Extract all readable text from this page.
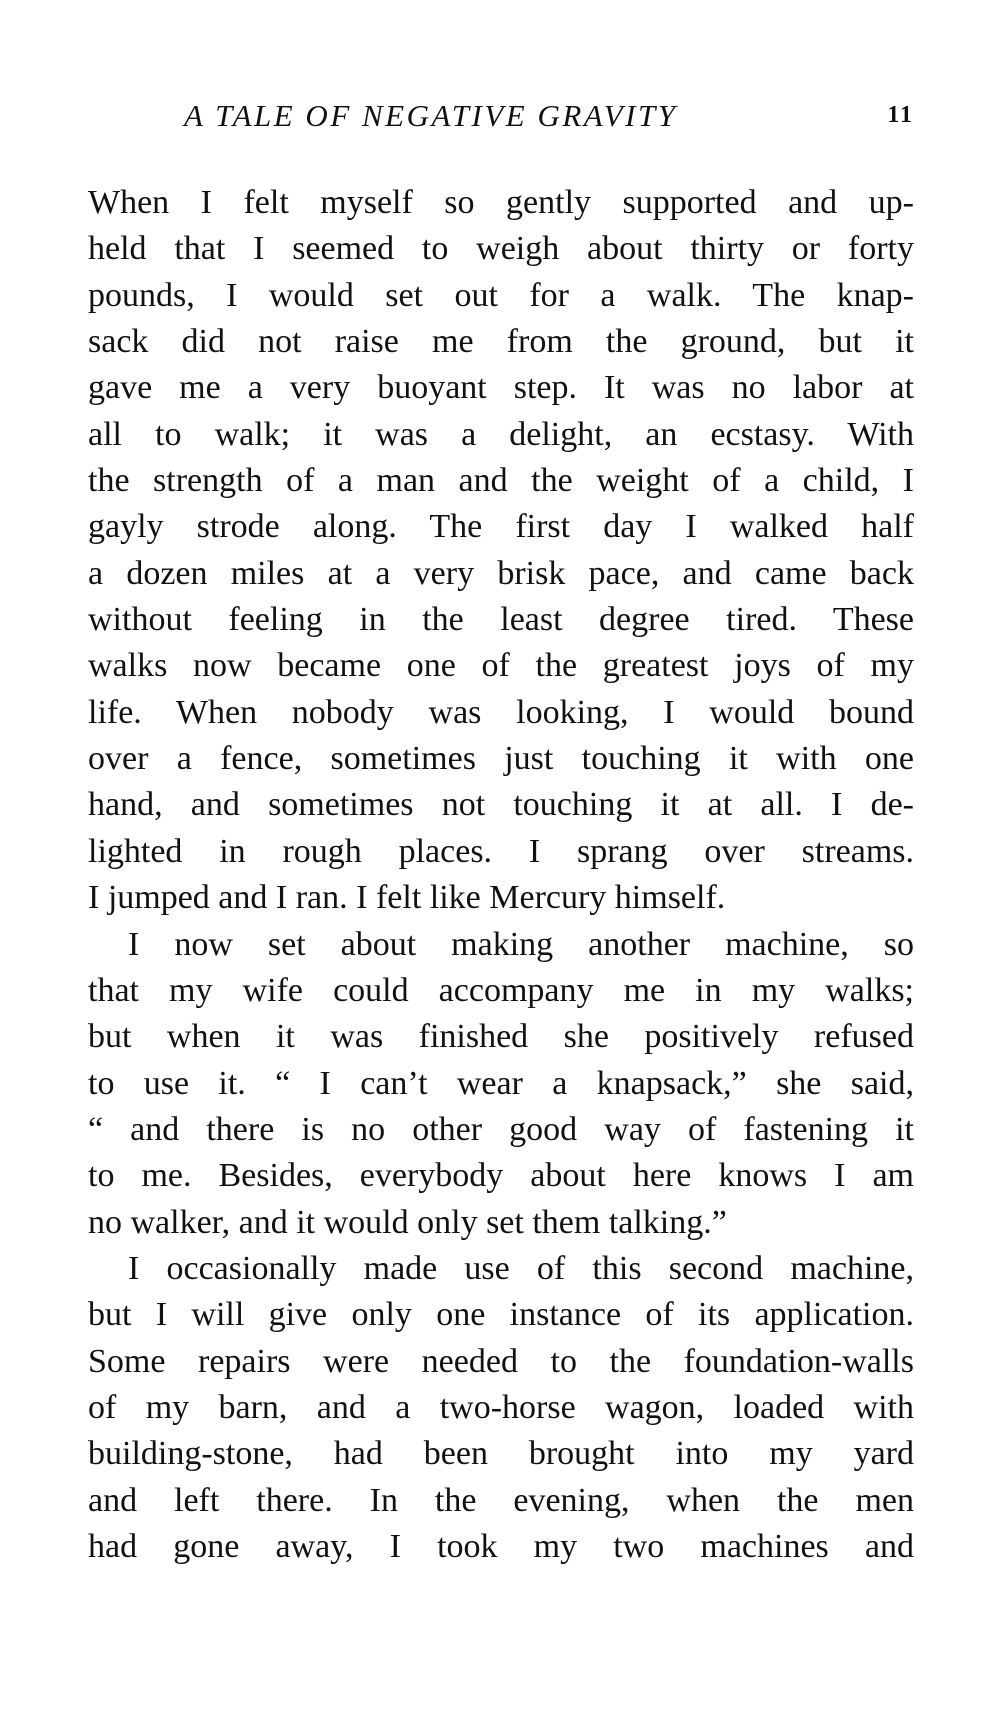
A TALE OF NEGATIVE GRAVITY	11
When I felt myself so gently supported and up-
held that I seemed to weigh about thirty or forty
pounds, I would set out for a walk. The knap-
sack did not raise me from the ground, but it
gave me a very buoyant step. It was no labor at
all to walk; it was a delight, an ecstasy. With
the strength of a man and the weight of a child, I
gayly strode along. The first day I walked half
a dozen miles at a very brisk pace, and came back
without feeling in the least degree tired. These
walks now became one of the greatest joys of my
life. When nobody was looking, I would bound
over a fence, sometimes just touching it with one
hand, and sometimes not touching it at all. I de-
lighted in rough places. I sprang over streams.
I jumped and I ran. I felt like Mercury himself.
I now set about making another machine, so
that my wife could accompany me in my walks;
but when it was finished she positively refused
to use it. “ I can’t wear a knapsack,” she said,
“ and there is no other good way of fastening it
to me. Besides, everybody about here knows I am
no walker, and it would only set them talking.”
I occasionally made use of this second machine,
but I will give only one instance of its application.
Some repairs were needed to the foundation-walls
of my barn, and a two-horse wagon, loaded with
building-stone, had been brought into my yard
and left there. In the evening, when the men
had gone away, I took my two machines and
